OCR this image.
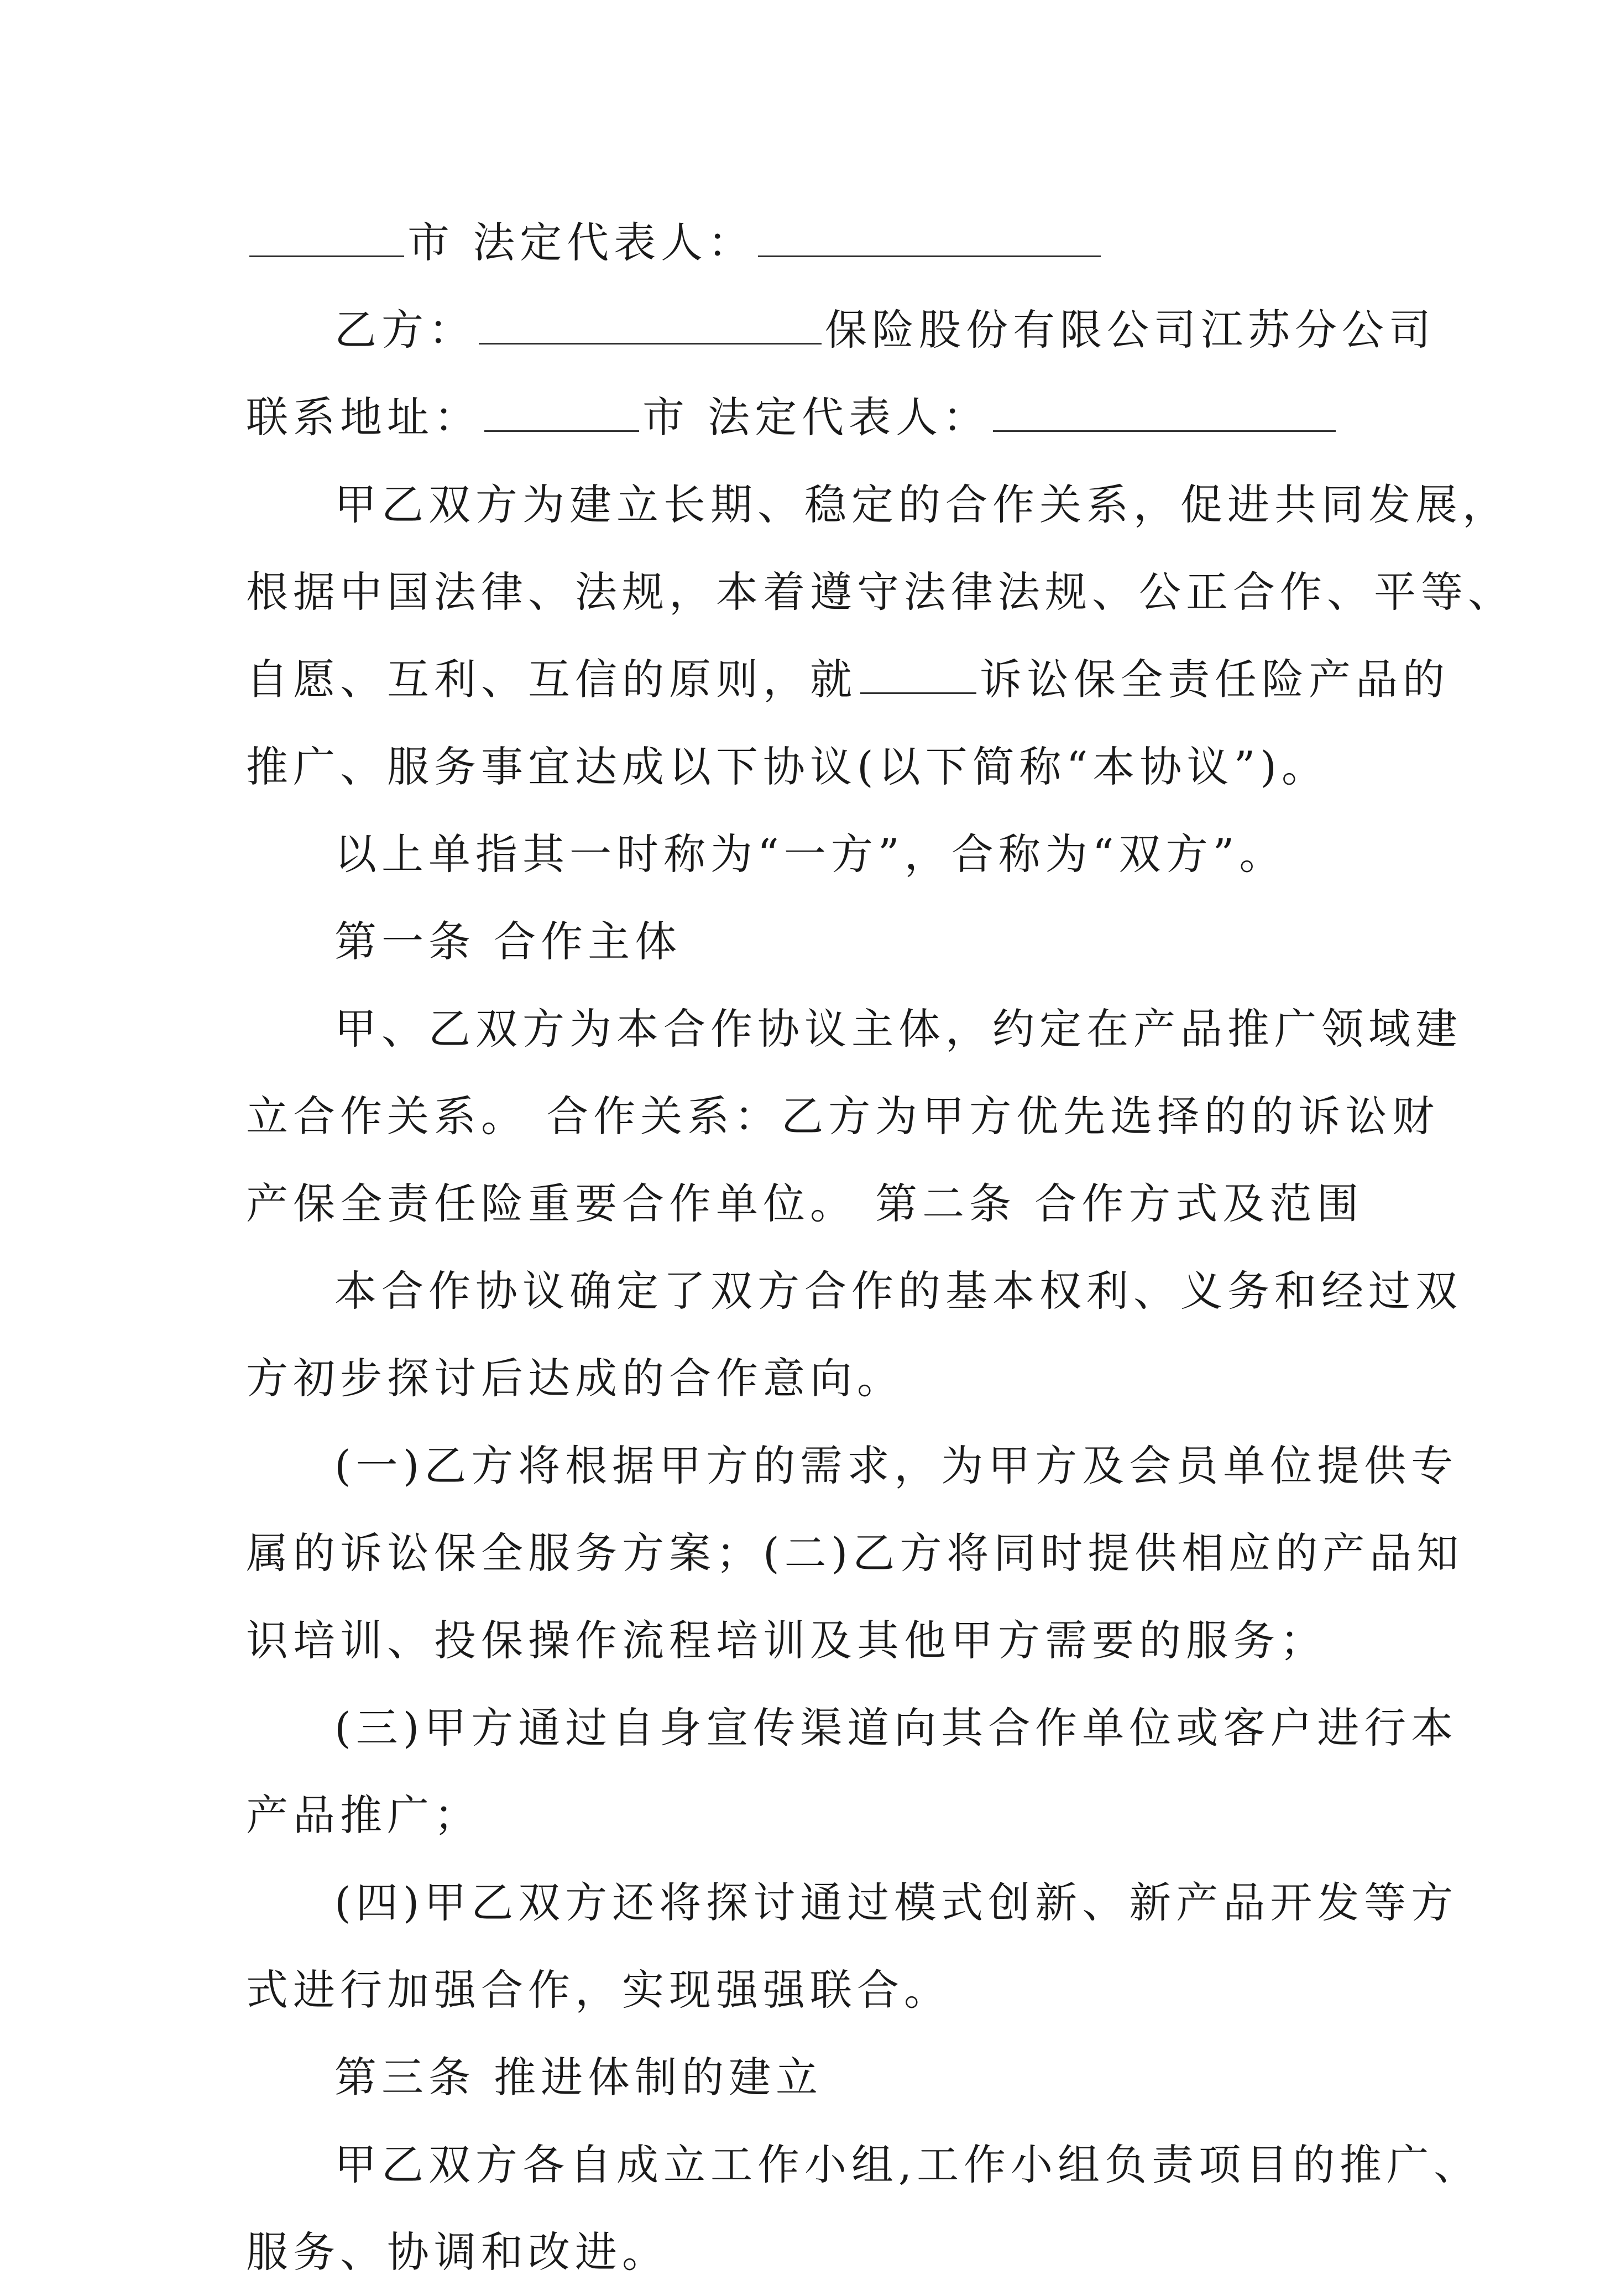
市 法定代表人：
乙方：	保险股份有限公司江苏分公司
联系地址：	市 法定代表人：
甲乙双方为建立长期、稳定的合作关系，促进共同发展，
根据中国法律、法规，本着遵守法律法规、公正合作、平等、
自愿、互利、互信的原则，就	诉讼保全责任险产品的
推广、服务事宜达成以下协议(以下简称“本协议”)。
以上单指其一时称为“一方”，合称为“双方”。
第一条 合作主体
甲、乙双方为本合作协议主体，约定在产品推广领域建
立合作关系。 合作关系：乙方为甲方优先选择的的诉讼财
产保全责任险重要合作单位。 第二条 合作方式及范围
本合作协议确定了双方合作的基本权利、义务和经过双
方初步探讨后达成的合作意向。
(一)乙方将根据甲方的需求，为甲方及会员单位提供专
属的诉讼保全服务方案；(二)乙方将同时提供相应的产品知
识培训、投保操作流程培训及其他甲方需要的服务；
(三)甲方通过自身宣传渠道向其合作单位或客户进行本
产品推广；
(四)甲乙双方还将探讨通过模式创新、新产品开发等方
式进行加强合作，实现强强联合。
第三条 推进体制的建立
甲乙双方各自成立工作小组,工作小组负责项目的推广、
服务、协调和改进。
